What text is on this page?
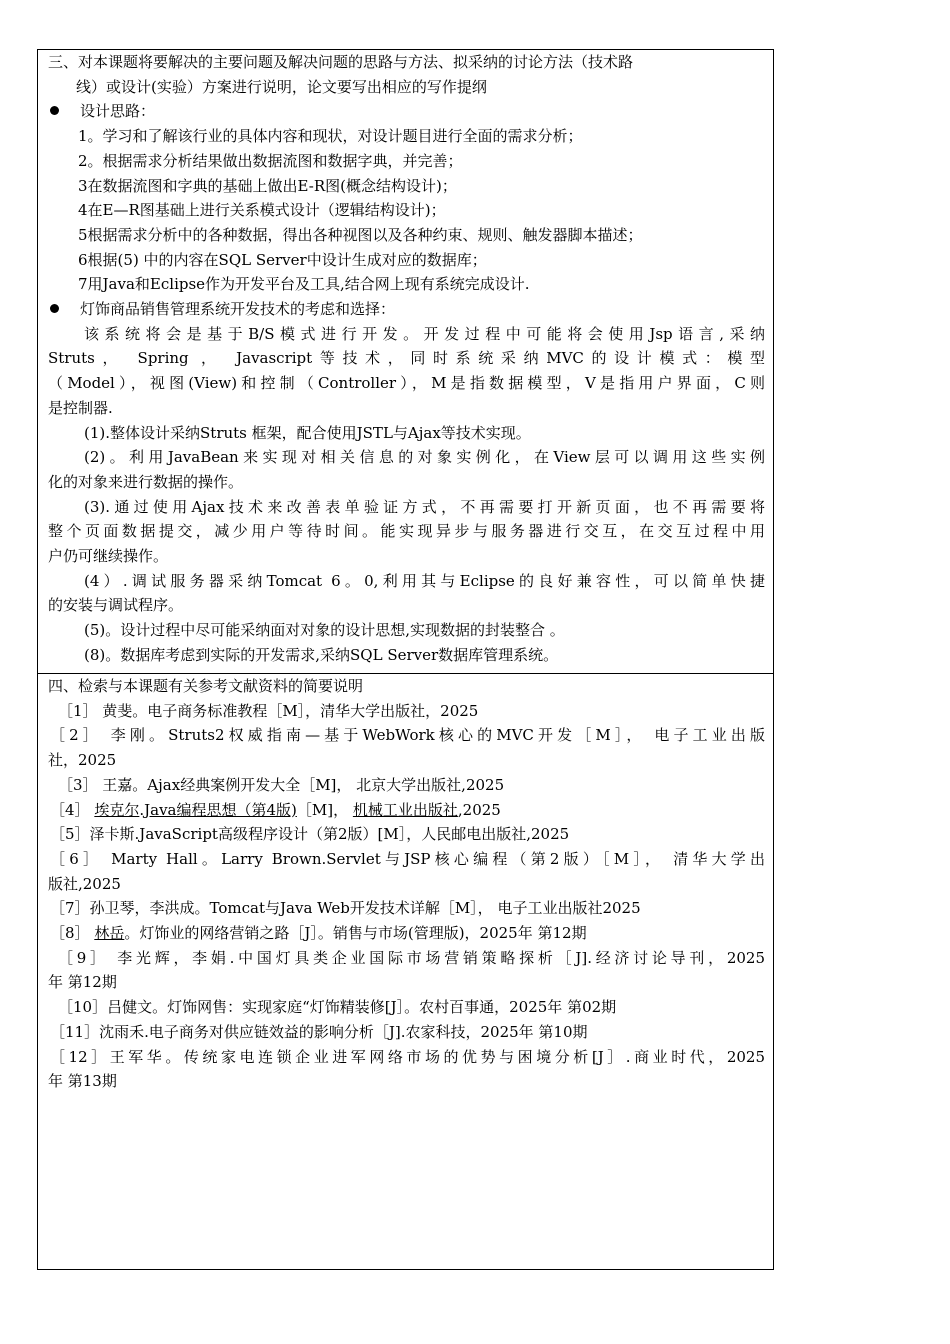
三、对本课题将要解决的主要问题及解决问题的思路与方法、拟采纳的讨论方法（技术路
线）或设计(实验）方案进行说明，论文要写出相应的写作提纲
设计思路：
1。学习和了解该行业的具体内容和现状，对设计题目进行全面的需求分析；
2。根据需求分析结果做出数据流图和数据字典，并完善；
3在数据流图和字典的基础上做出E-R图(概念结构设计)；
4在E—R图基础上进行关系模式设计（逻辑结构设计)；
5根据需求分析中的各种数据，得出各种视图以及各种约束、规则、触发器脚本描述；
6根据(5) 中的内容在SQL Server中设计生成对应的数据库；
7用Java和Eclipse作为开发平台及工具,结合网上现有系统完成设计.
灯饰商品销售管理系统开发技术的考虑和选择：
该系统将会是基于B/S模式进行开发。开发过程中可能将会使用Jsp语言,采纳
Struts， Spring ， Javascript等技术，同时系统采纳MVC的设计模式：模型
（Model），视图(View)和控制（Controller），M是指数据模型，V是指用户界面，C则
是控制器.
(1).整体设计采纳Struts 框架，配合使用JSTL与Ajax等技术实现。
(2)。利用JavaBean来实现对相关信息的对象实例化，在View层可以调用这些实例
化的对象来进行数据的操作。
(3).通过使用Ajax技术来改善表单验证方式，不再需要打开新页面，也不再需要将
整个页面数据提交，减少用户等待时间。能实现异步与服务器进行交互，在交互过程中用
户仍可继续操作。
(4）.调试服务器采纳Tomcat 6。0,利用其与Eclipse的良好兼容性，可以简单快捷
的安装与调试程序。
(5)。设计过程中尽可能采纳面对对象的设计思想,实现数据的封装整合 。
(8)。数据库考虑到实际的开发需求,采纳SQL Server数据库管理系统。
四、检索与本课题有关参考文献资料的简要说明
［1］ 黄斐。电子商务标准教程［M］，清华大学出版社，2025
［2］ 李刚。Struts2权威指南—基于WebWork核心的MVC开发［M］， 电子工业出版
社，2025
［3］ 王嘉。Ajax经典案例开发大全［M]， 北京大学出版社,2025
［4］ 埃克尔.Java编程思想（第4版)［M]， 机械工业出版社,2025
［5］泽卡斯.JavaScript高级程序设计（第2版）[M］，人民邮电出版社,2025
［6］ Marty Hall。Larry Brown.Servlet与JSP核心编程（第2版）［M］， 清华大学出
版社,2025
［7］孙卫琴，李洪成。Tomcat与Java Web开发技术详解［M］， 电子工业出版社2025
［8］ 林岳。灯饰业的网络营销之路［J］。销售与市场(管理版)，2025年 第12期
［9］ 李光辉，李娟.中国灯具类企业国际市场营销策略探析［J].经济讨论导刊，2025
年 第12期
［10］吕健文。灯饰网售：实现家庭“灯饰精装修[J］。农村百事通，2025年 第02期
［11］沈雨禾.电子商务对供应链效益的影响分析［J].农家科技，2025年 第10期
［12］王军华。传统家电连锁企业进军网络市场的优势与困境分析[J］.商业时代，2025
年 第13期
